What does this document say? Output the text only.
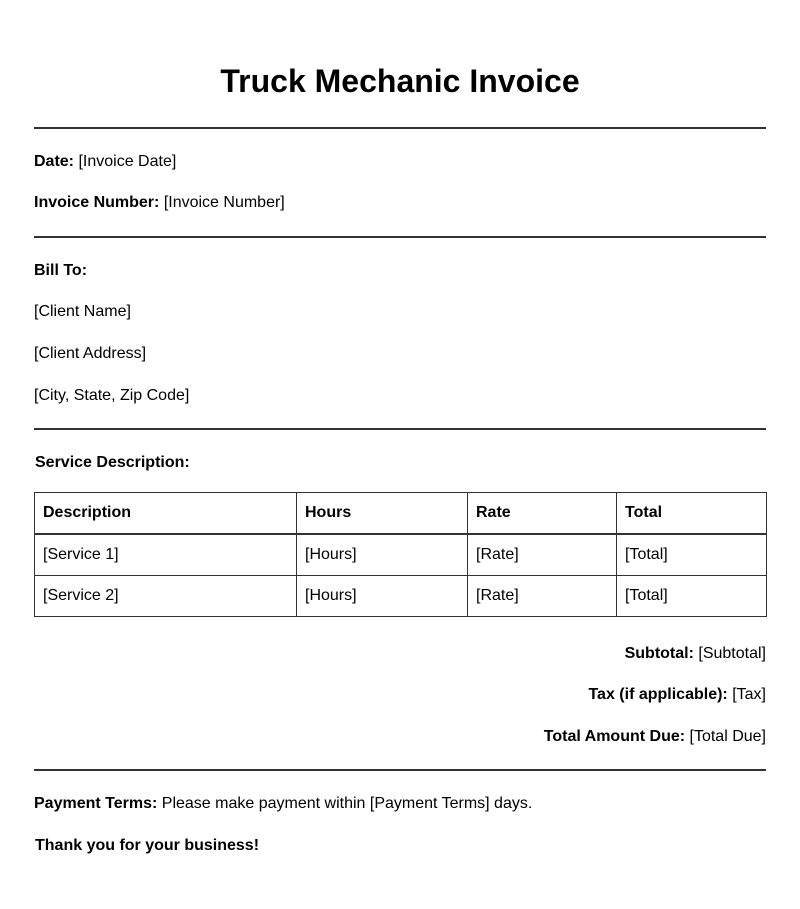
Truck Mechanic Invoice
Date: [Invoice Date]
Invoice Number: [Invoice Number]
Bill To:
[Client Name]
[Client Address]
[City, State, Zip Code]
Service Description:
Description	Hours	Rate	Total
[Service 1]	[Hours]	[Rate]	[Total]
[Service 2]	[Hours]	[Rate]	[Total]
Subtotal: [Subtotal]
Tax (if applicable): [Tax]
Total Amount Due: [Total Due]
Payment Terms: Please make payment within [Payment Terms] days.
Thank you for your business!
